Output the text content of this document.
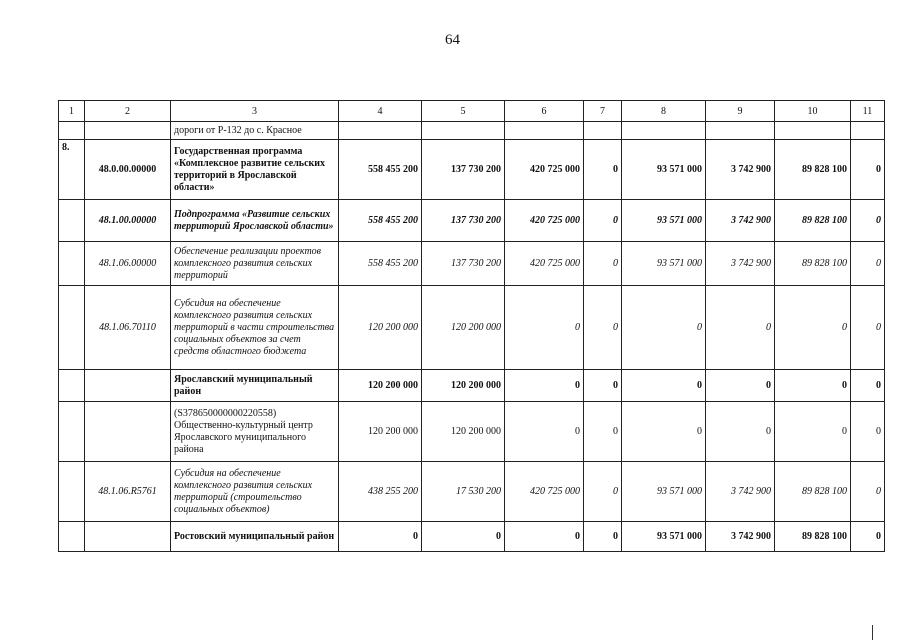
64
1	2	3	4	5	6	7	8	9	10	11
		дороги от Р-132 до с. Красное								
8.	48.0.00.00000	Государственная программа «Комплексное развитие сельских территорий в Ярославской области»	558 455 200	137 730 200	420 725 000	0	93 571 000	3 742 900	89 828 100	0
	48.1.00.00000	Подпрограмма «Развитие сельских территорий Ярославской области»	558 455 200	137 730 200	420 725 000	0	93 571 000	3 742 900	89 828 100	0
	48.1.06.00000	Обеспечение реализации проектов комплексного развития сельских территорий	558 455 200	137 730 200	420 725 000	0	93 571 000	3 742 900	89 828 100	0
	48.1.06.70110	Субсидия на обеспечение комплексного развития сельских территорий в части строительства социальных объектов за счет средств областного бюджета	120 200 000	120 200 000	0	0	0	0	0	0
		Ярославский муниципальный район	120 200 000	120 200 000	0	0	0	0	0	0
		(S378650000000220558) Общественно-культурный центр Ярославского муниципального района	120 200 000	120 200 000	0	0	0	0	0	0
	48.1.06.R5761	Субсидия на обеспечение комплексного развития сельских территорий (строительство социальных объектов)	438 255 200	17 530 200	420 725 000	0	93 571 000	3 742 900	89 828 100	0
		Ростовский муниципальный район	0	0	0	0	93 571 000	3 742 900	89 828 100	0
